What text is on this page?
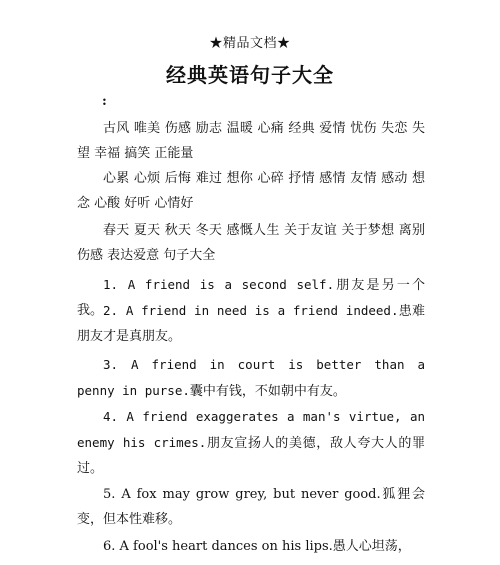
★精品文档★
经典英语句子大全
:

古风 唯美 伤感 励志 温暖 心痛 经典 爱情 忧伤 失恋 失望 幸福 搞笑 正能量

心累 心烦 后悔 难过 想你 心碎 抒情 感情 友情 感动 想念 心酸 好听 心情好

春天 夏天 秋天 冬天 感慨人生 关于友谊 关于梦想 离别伤感 表达爱意 句子大全

1. A friend is a second self.朋友是另一个我。 2. A friend in need is a friend indeed.患难朋友才是真朋友。

3. A friend in court is better than a penny in purse.囊中有钱，不如朝中有友。

4. A friend exaggerates a man's virtue, an enemy his crimes.朋友宣扬人的美德，敌人夸大人的罪过。

5. A fox may grow grey, but never good.狐狸会变，但本性难移。

6. A fool's heart dances on his lips.愚人心坦荡，
